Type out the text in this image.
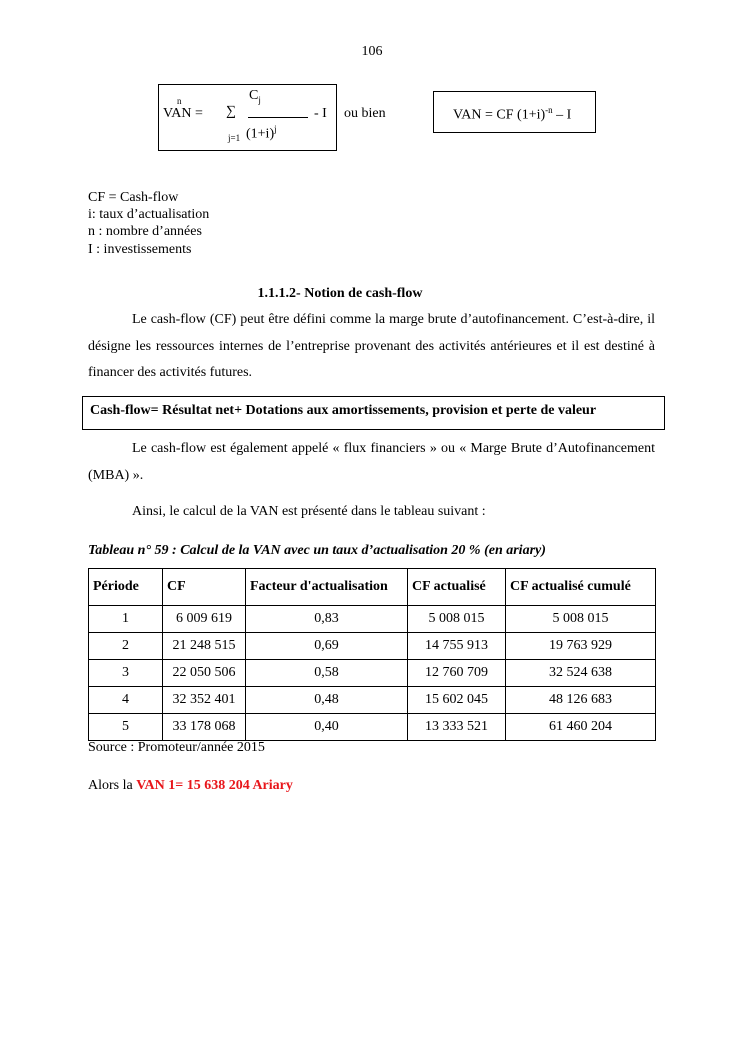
106
n	$C_j$
VAN = ∑	- I
j=1 $(1+i)^j$
ou bien	VAN = CF $(1+i)^{-n} - I$
CF = Cash-flow
i: taux d’actualisation
n : nombre d’années
I : investissements
1.1.1.2- Notion de cash-flow
Le cash-flow (CF) peut être défini comme la marge brute d’autofinancement. C’est-à-dire, il désigne les ressources internes de l’entreprise provenant des activités antérieures et il est destiné à financer des activités futures.
Cash-flow= Résultat net+ Dotations aux amortissements, provision et perte de valeur
Le cash-flow est également appelé « flux financiers » ou « Marge Brute d’Autofinancement (MBA) ».
Ainsi, le calcul de la VAN est présenté dans le tableau suivant :
Tableau n° 59 : Calcul de la VAN avec un taux d’actualisation 20 % (en ariary)
Période	CF	Facteur d'actualisation	CF actualisé	CF actualisé cumulé
1	6 009 619	0,83	5 008 015	5 008 015
2	21 248 515	0,69	14 755 913	19 763 929
3	22 050 506	0,58	12 760 709	32 524 638
4	32 352 401	0,48	15 602 045	48 126 683
5	33 178 068	0,40	13 333 521	61 460 204
Source : Promoteur/année 2015
Alors la VAN 1= 15 638 204 Ariary
